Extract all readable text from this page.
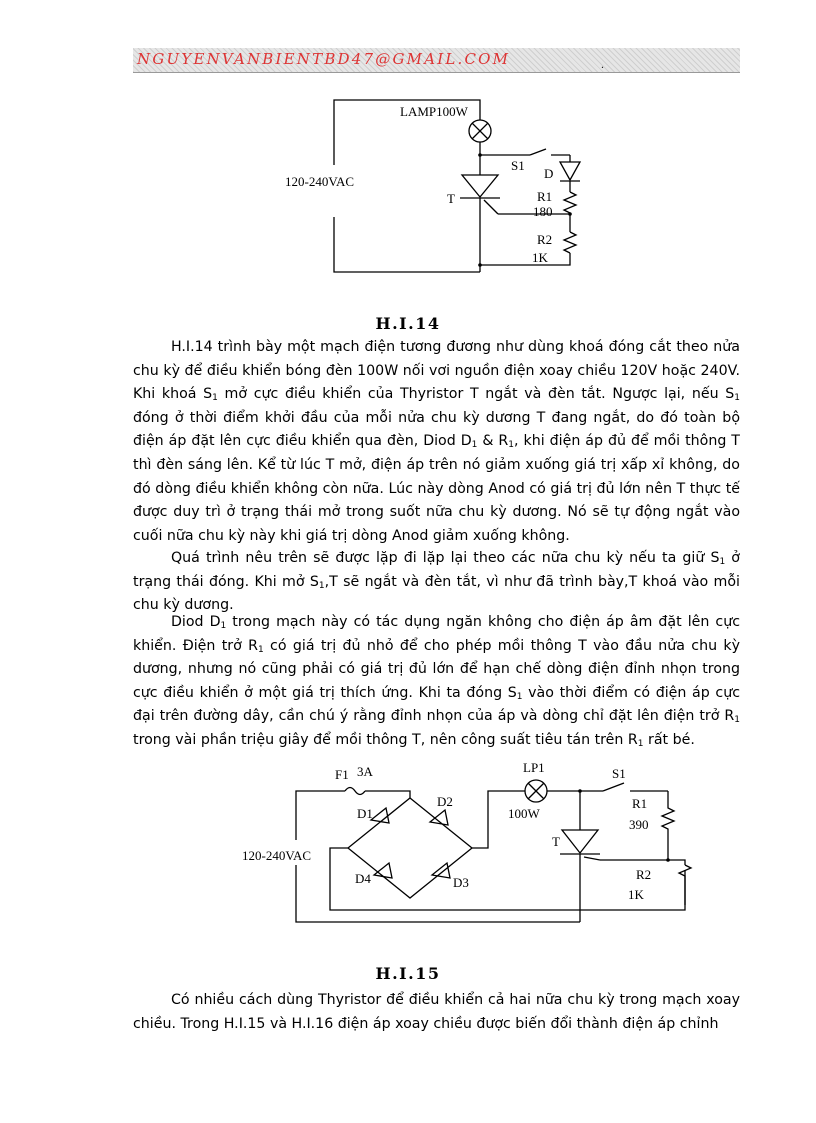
NGUYENVANBIENTBD47@GMAIL.COM	.
LAMP100W
120-240VAC
S1
D
T	R1
180
R2
1K
H.I.14

H.I.14 trình bày một mạch điện tương đương như dùng khoá đóng cắt theo nửa chu kỳ để điều khiển bóng đèn 100W nối vơi nguồn điện xoay chiều 120V hoặc 240V. Khi khoá $S_1$ mở cực điều khiển của Thyristor T ngắt và đèn tắt. Ngược lại, nếu $S_1$ đóng ở thời điểm khởi đầu của mỗi nửa chu kỳ dương T đang ngắt, do đó toàn bộ điện áp đặt lên cực điều khiển qua đèn, Diod $D_1$ & $R_1$, khi điện áp đủ để mồi thông T thì đèn sáng lên. Kể từ lúc T mở, điện áp trên nó giảm xuống giá trị xấp xỉ không, do đó dòng điều khiển không còn nữa. Lúc này dòng Anod có giá trị đủ lớn nên T thực tế được duy trì ở trạng thái mở trong suốt nữa chu kỳ dương. Nó sẽ tự động ngắt vào cuối nữa chu kỳ này khi giá trị dòng Anod giảm xuống không.

Quá trình nêu trên sẽ được lặp đi lặp lại theo các nữa chu kỳ nếu ta giữ $S_1$ ở trạng thái đóng. Khi mở $S_1,T$ sẽ ngắt và đèn tắt, vì như đã trình bày,T khoá vào mỗi chu kỳ dương.

Diod $D_1$ trong mạch này có tác dụng ngăn không cho điện áp âm đặt lên cực khiển. Điện trở $R_1$ có giá trị đủ nhỏ để cho phép mồi thông T vào đầu nửa chu kỳ dương, nhưng nó cũng phải có giá trị đủ lớn để hạn chế dòng điện đỉnh nhọn trong cực điều khiển ở một giá trị thích ứng. Khi ta đóng $S_1$ vào thời điểm có điện áp cực đại trên đường dây, cần chú ý rằng đỉnh nhọn của áp và dòng chỉ đặt lên điện trở $R_1$ trong vài phần triệu giây để mồi thông T, nên công suất tiêu tán trên $R_1$ rất bé.

F1 3A
D1
D2
D4	D3
120-240VAC
LP1
100W
S1
R1
390
T
R2
1K
H.I.15

Có nhiều cách dùng Thyristor để điều khiển cả hai nữa chu kỳ trong mạch xoay chiều. Trong H.I.15 và H.I.16 điện áp xoay chiều được biến đổi thành điện áp chỉnh
